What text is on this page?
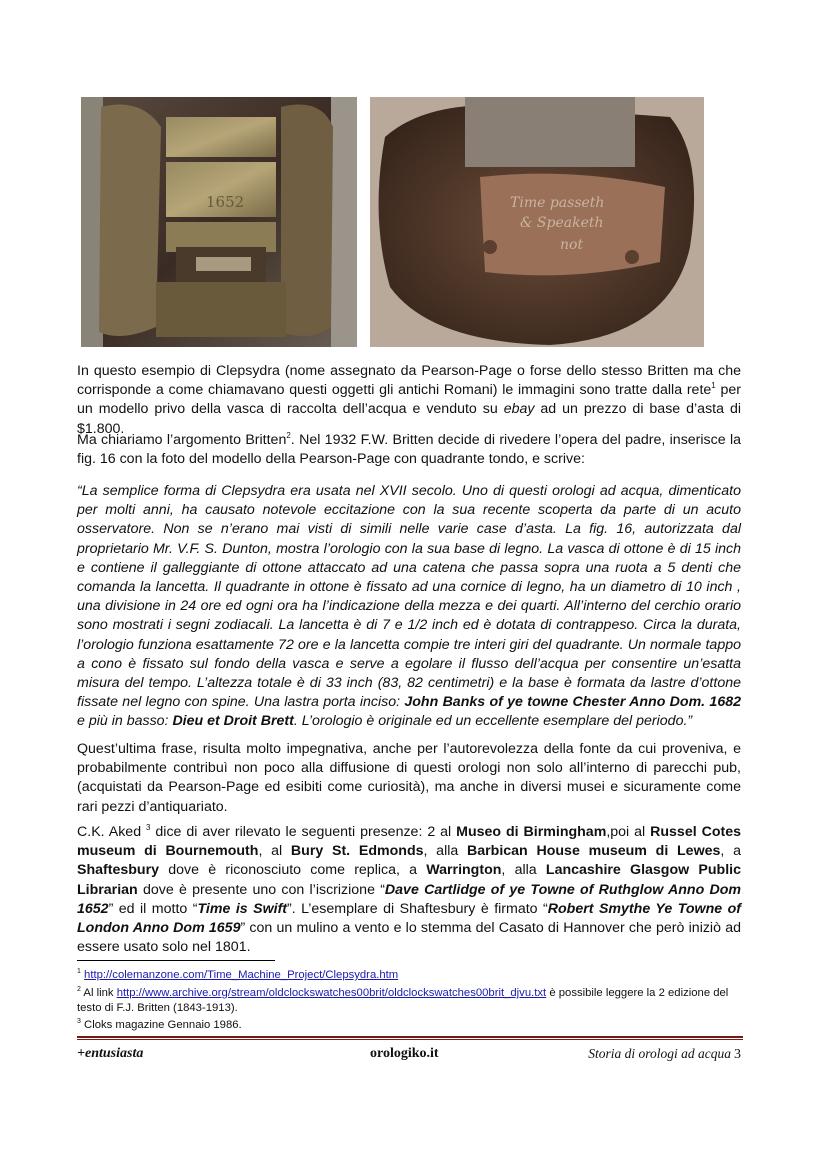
1652	Time passeth
& Speaketh
not

In questo esempio di Clepsydra (nome assegnato da Pearson-Page o forse dello stesso Britten ma che corrisponde a come chiamavano questi oggetti gli antichi Romani) le immagini sono tratte dalla rete$^1$ per un modello privo della vasca di raccolta dell’acqua e venduto su ebay ad un prezzo di base d’asta di $1.800.

Ma chiariamo l’argomento Britten$^2$. Nel 1932 F.W. Britten decide di rivedere l’opera del padre, inserisce la fig. 16 con la foto del modello della Pearson-Page con quadrante tondo, e scrive:

“La semplice forma di Clepsydra era usata nel XVII secolo. Uno di questi orologi ad acqua, dimenticato per molti anni, ha causato notevole eccitazione con la sua recente scoperta da parte di un acuto osservatore. Non se n’erano mai visti di simili nelle varie case d’asta. La fig. 16, autorizzata dal proprietario Mr. V.F. S. Dunton, mostra l’orologio con la sua base di legno. La vasca di ottone è di 15 inch e contiene il galleggiante di ottone attaccato ad una catena che passa sopra una ruota a 5 denti che comanda la lancetta. Il quadrante in ottone è fissato ad una cornice di legno, ha un diametro di 10 inch , una divisione in 24 ore ed ogni ora ha l’indicazione della mezza e dei quarti. All’interno del cerchio orario sono mostrati i segni zodiacali. La lancetta è di 7 e 1/2 inch ed è dotata di contrappeso. Circa la durata, l’orologio funziona esattamente 72 ore e la lancetta compie tre interi giri del quadrante. Un normale tappo a cono è fissato sul fondo della vasca e serve a egolare il flusso dell’acqua per consentire un’esatta misura del tempo. L’altezza totale è di 33 inch (83, 82 centimetri) e la base è formata da lastre d’ottone fissate nel legno con spine. Una lastra porta inciso: John Banks of ye towne Chester Anno Dom. 1682 e più in basso: Dieu et Droit Brett. L’orologio è originale ed un eccellente esemplare del periodo.”

Quest’ultima frase, risulta molto impegnativa, anche per l’autorevolezza della fonte da cui proveniva, e probabilmente contribuì non poco alla diffusione di questi orologi non solo all’interno di parecchi pub, (acquistati da Pearson-Page ed esibiti come curiosità), ma anche in diversi musei e sicuramente come rari pezzi d’antiquariato.

C.K. Aked $^3$ dice di aver rilevato le seguenti presenze: 2 al Museo di Birmingham,poi al Russel Cotes museum di Bournemouth, al Bury St. Edmonds, alla Barbican House museum di Lewes, a Shaftesbury dove è riconosciuto come replica, a Warrington, alla Lancashire Glasgow Public Librarian dove è presente uno con l’iscrizione “Dave Cartlidge of ye Towne of Ruthglow Anno Dom 1652” ed il motto “Time is Swift”. L’esemplare di Shaftesbury è firmato “Robert Smythe Ye Towne of London Anno Dom 1659” con un mulino a vento e lo stemma del Casato di Hannover che però iniziò ad essere usato solo nel 1801.

$^1$ http://colemanzone.com/Time_Machine_Project/Clepsydra.htm

$^2$ Al link http://www.archive.org/stream/oldclockswatches00brit/oldclockswatches00brit_djvu.txt è possibile leggere la 2 edizione del testo di F.J. Britten (1843-1913).

$^3$ Cloks magazine Gennaio 1986.

+entusiasta	orologiko.it	Storia di orologi ad acqua 3
